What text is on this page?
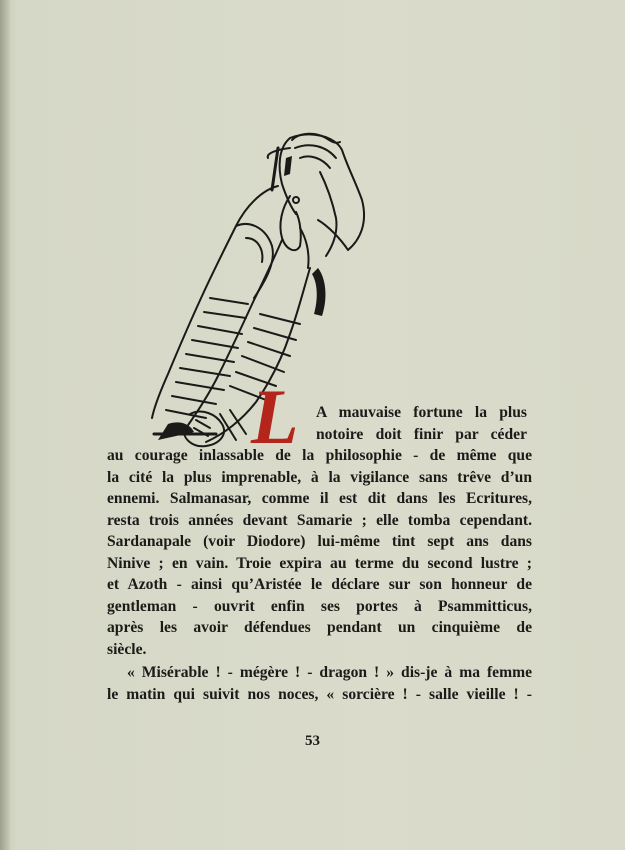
L A mauvaise fortune la plus
notoire doit finir par céder
au courage inlassable de la philosophie - de même que
la cité la plus imprenable, à la vigilance sans trêve d’un
ennemi. Salmanasar, comme il est dit dans les Ecritures,
resta trois années devant Samarie ; elle tomba cependant.
Sardanapale (voir Diodore) lui-même tint sept ans dans
Ninive ; en vain. Troie expira au terme du second lustre ;
et Azoth - ainsi qu’Aristée le déclare sur son honneur de
gentleman - ouvrit enfin ses portes à Psammitticus,
après les avoir défendues pendant un cinquième de
siècle.
« Misérable ! - mégère ! - dragon ! » dis-je à ma femme
le matin qui suivit nos noces, « sorcière ! - salle vieille ! -
53
